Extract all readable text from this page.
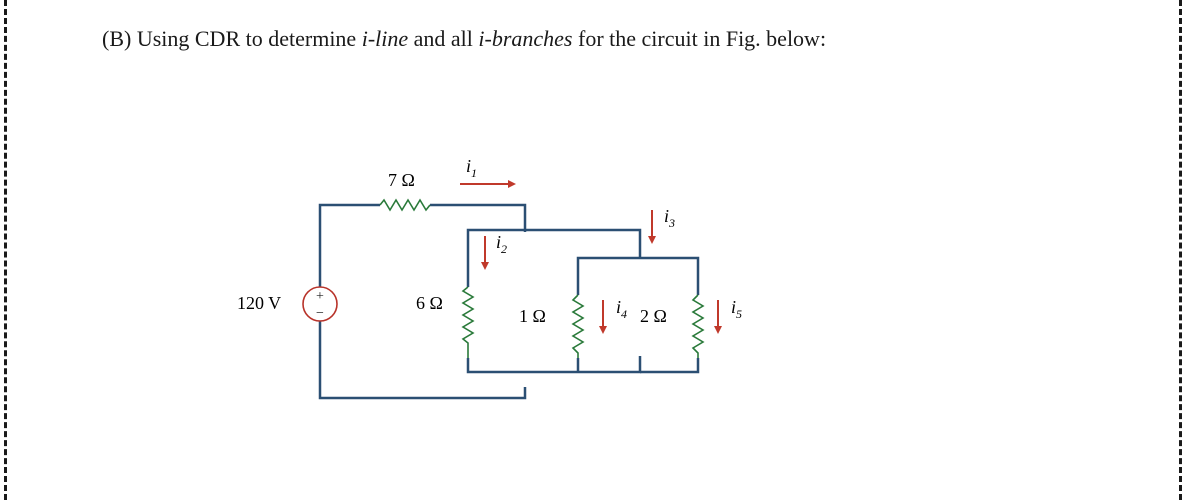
(B) Using CDR to determine i-line and all i-branches for the circuit in Fig. below:
+
−
120 V
7 Ω
6 Ω
1 Ω	2 Ω
$i_1$
$i_2$
$i_3$
$i_4$	$i_5$
